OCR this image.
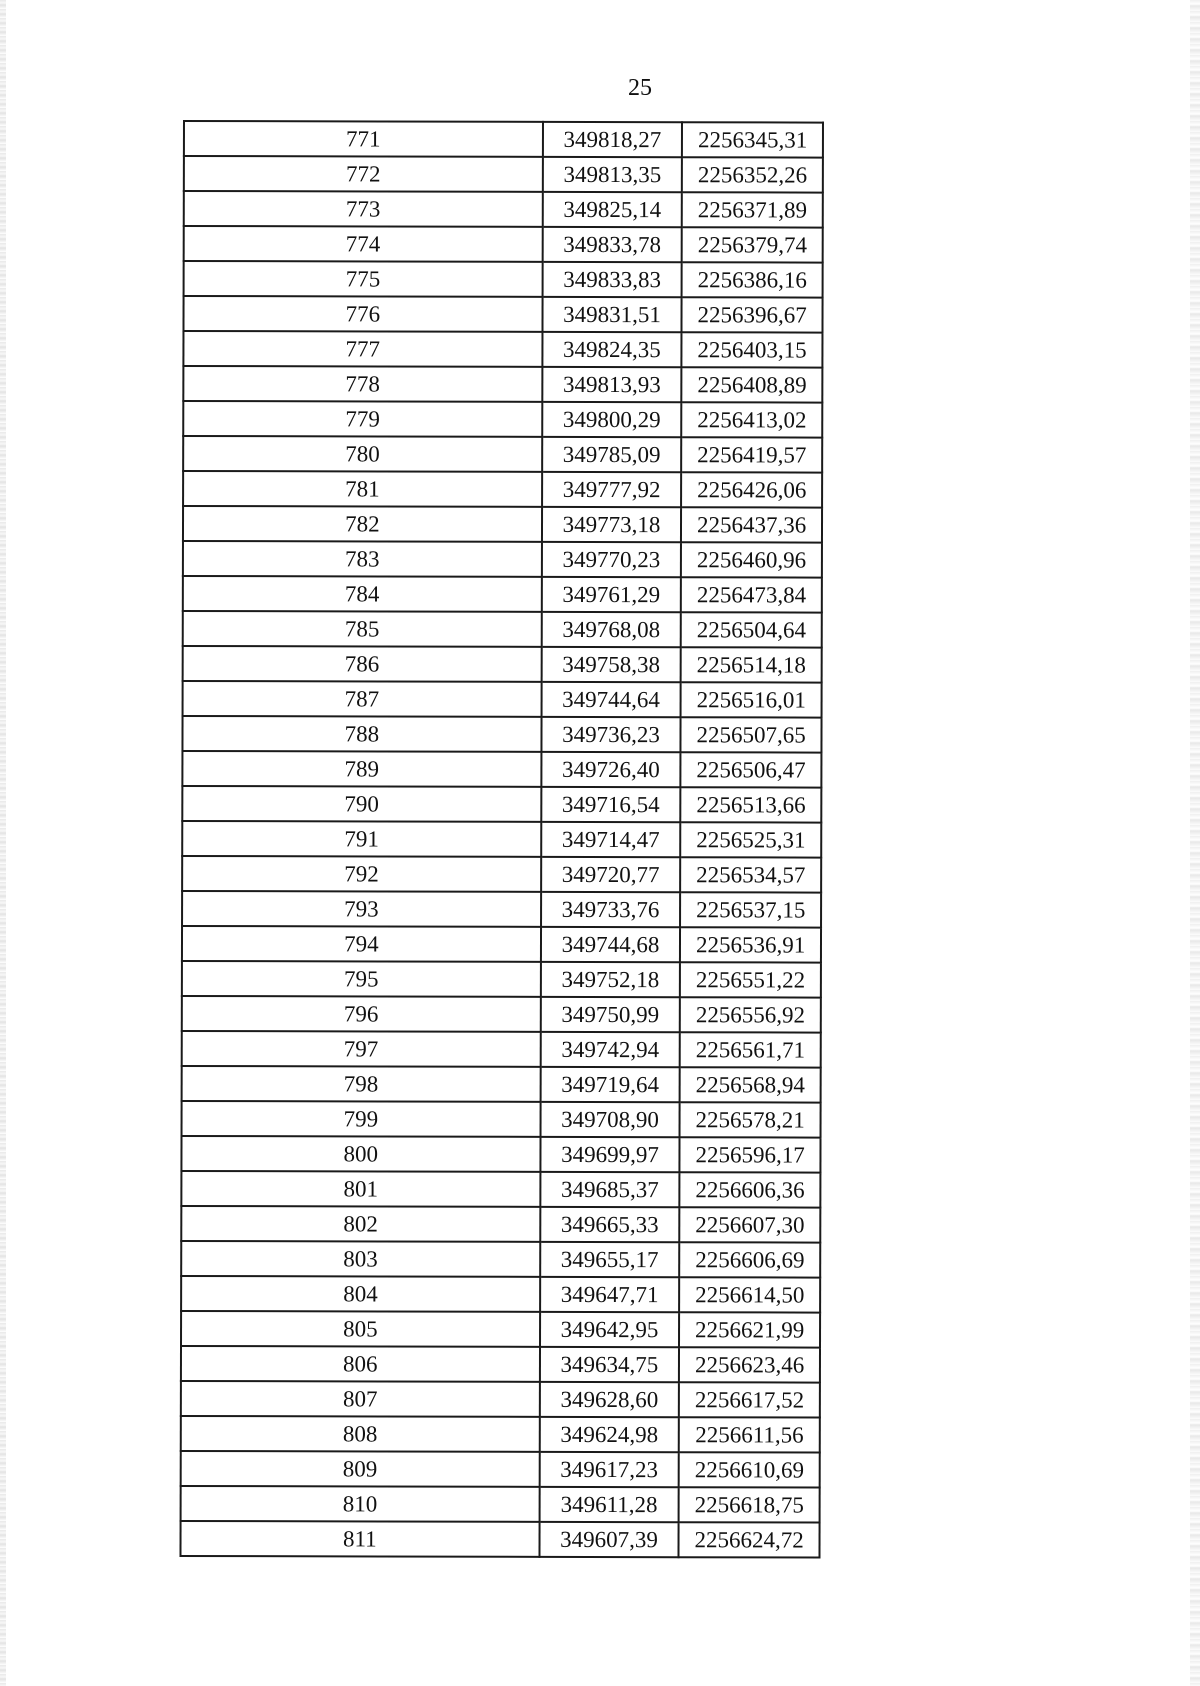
25
771	349818,27	2256345,31
772	349813,35	2256352,26
773	349825,14	2256371,89
774	349833,78	2256379,74
775	349833,83	2256386,16
776	349831,51	2256396,67
777	349824,35	2256403,15
778	349813,93	2256408,89
779	349800,29	2256413,02
780	349785,09	2256419,57
781	349777,92	2256426,06
782	349773,18	2256437,36
783	349770,23	2256460,96
784	349761,29	2256473,84
785	349768,08	2256504,64
786	349758,38	2256514,18
787	349744,64	2256516,01
788	349736,23	2256507,65
789	349726,40	2256506,47
790	349716,54	2256513,66
791	349714,47	2256525,31
792	349720,77	2256534,57
793	349733,76	2256537,15
794	349744,68	2256536,91
795	349752,18	2256551,22
796	349750,99	2256556,92
797	349742,94	2256561,71
798	349719,64	2256568,94
799	349708,90	2256578,21
800	349699,97	2256596,17
801	349685,37	2256606,36
802	349665,33	2256607,30
803	349655,17	2256606,69
804	349647,71	2256614,50
805	349642,95	2256621,99
806	349634,75	2256623,46
807	349628,60	2256617,52
808	349624,98	2256611,56
809	349617,23	2256610,69
810	349611,28	2256618,75
811	349607,39	2256624,72
